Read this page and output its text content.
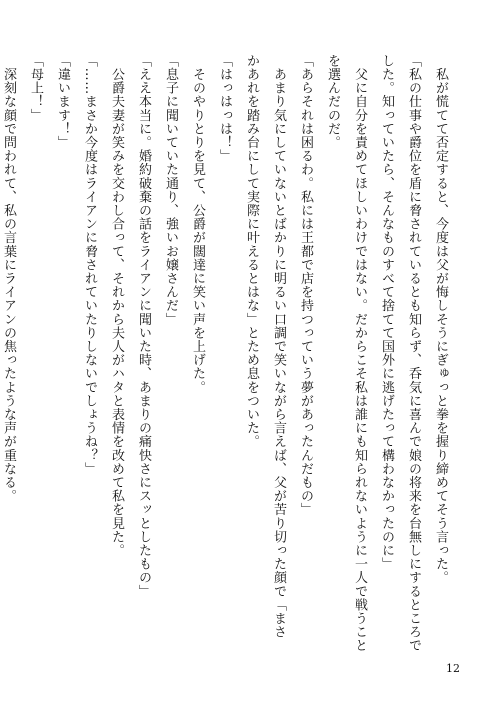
　私が慌てて否定すると、今度は父が悔しそうにぎゅっと拳を握り締めてそう言った。
「私の仕事や爵位を盾に脅されているとも知らず、呑気に喜んで娘の将来を台無しにするところで
した。知っていたら、そんなものすべて捨てて国外に逃げたって構わなかったのに」
　父に自分を責めてほしいわけではない。だからこそ私は誰にも知られないように一人で戦うこと
を選んだのだ。
「あらそれは困るわ。私には王都で店を持つっていう夢があったんだもの」
　あまり気にしていないとばかりに明るい口調で笑いながら言えば、父が苦り切った顔で「まさ
かあれを踏み台にして実際に叶えるとはな」とため息をついた。
「はっはっは！」
　そのやりとりを見て、公爵が闊達に笑い声を上げた。
「息子に聞いていた通り、強いお嬢さんだ」
「ええ本当に。婚約破棄の話をライアンに聞いた時、あまりの痛快さにスッとしたもの」
　公爵夫妻が笑みを交わし合って、それから夫人がハタと表情を改めて私を見た。
「……まさか今度はライアンに脅されていたりしないでしょうね？」
「違います！」
「母上！」
　深刻な顔で問われて、私の言葉にライアンの焦ったような声が重なる。
12
